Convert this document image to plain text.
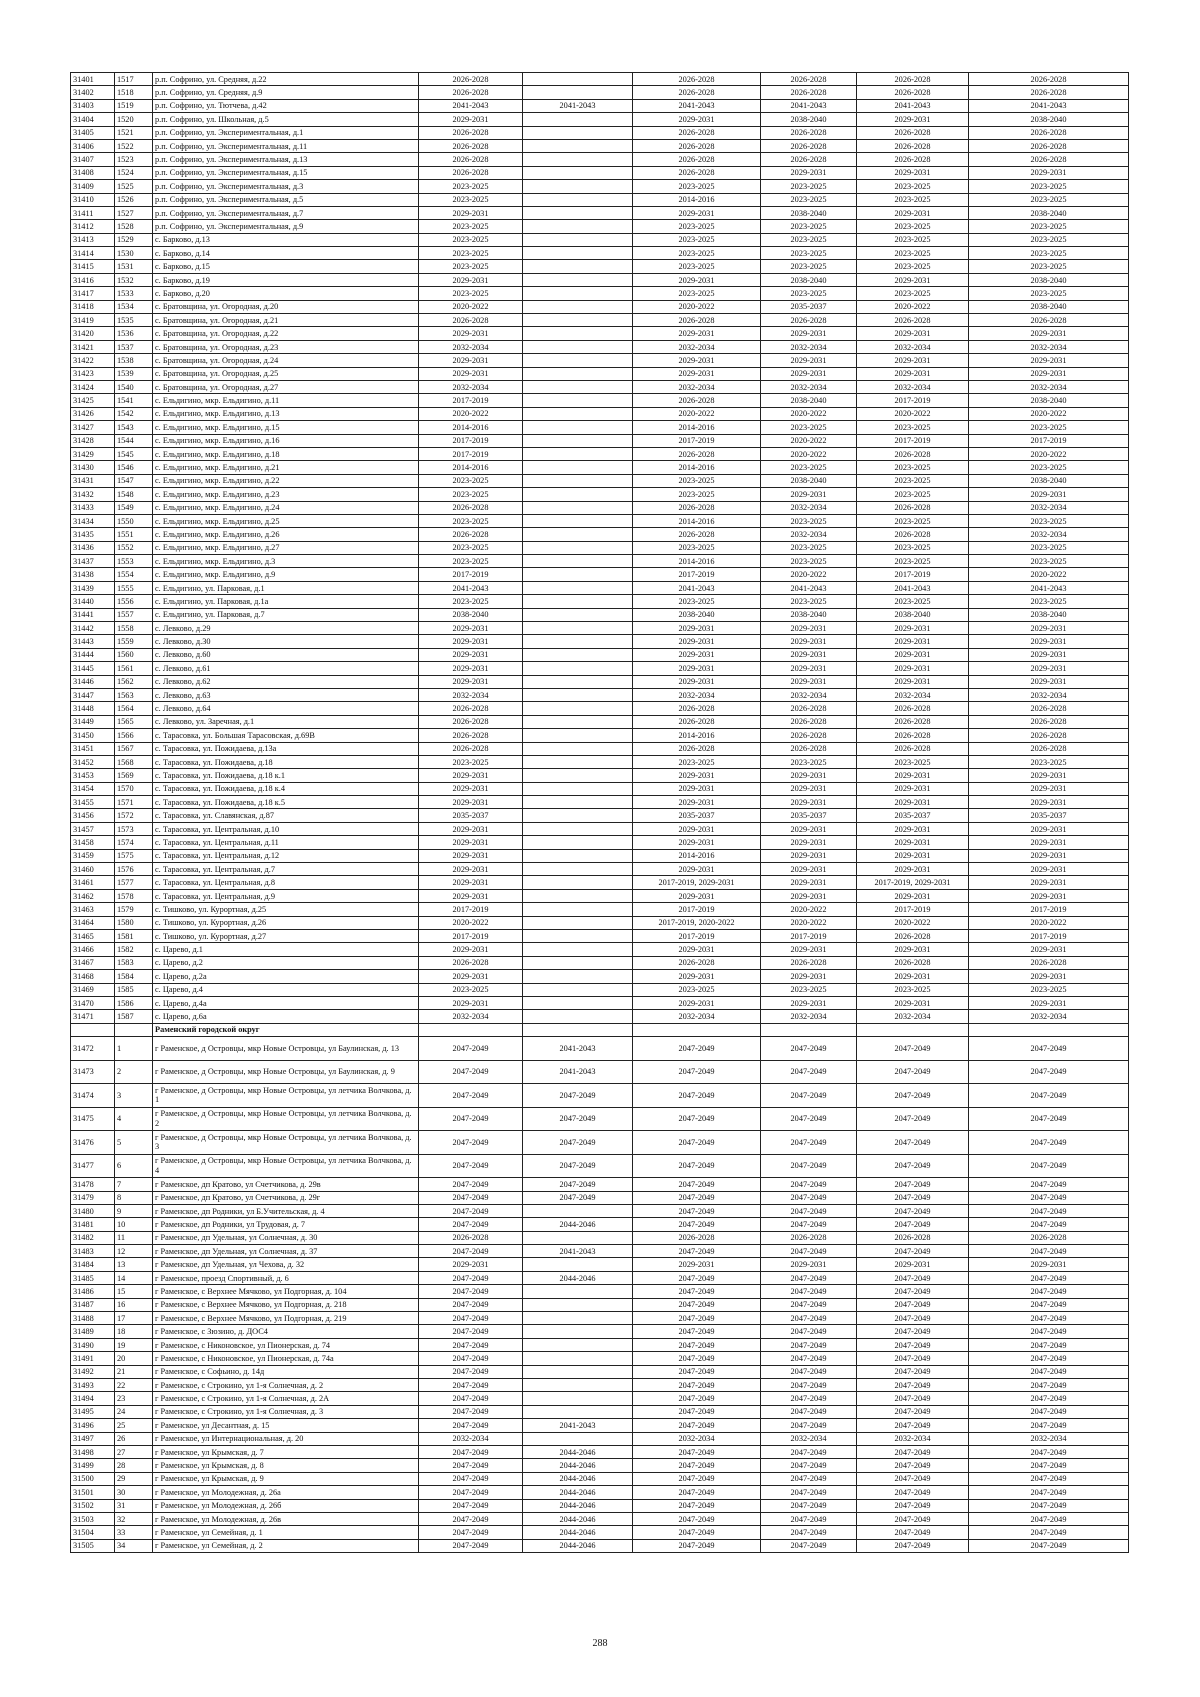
31401	1517	р.п. Софрино, ул. Средняя, д.22	2026-2028		2026-2028	2026-2028	2026-2028	2026-2028
31402	1518	р.п. Софрино, ул. Средняя, д.9	2026-2028		2026-2028	2026-2028	2026-2028	2026-2028
31403	1519	р.п. Софрино, ул. Тютчева, д.42	2041-2043	2041-2043	2041-2043	2041-2043	2041-2043	2041-2043
31404	1520	р.п. Софрино, ул. Школьная, д.5	2029-2031		2029-2031	2038-2040	2029-2031	2038-2040
31405	1521	р.п. Софрино, ул. Экспериментальная, д.1	2026-2028		2026-2028	2026-2028	2026-2028	2026-2028
31406	1522	р.п. Софрино, ул. Экспериментальная, д.11	2026-2028		2026-2028	2026-2028	2026-2028	2026-2028
31407	1523	р.п. Софрино, ул. Экспериментальная, д.13	2026-2028		2026-2028	2026-2028	2026-2028	2026-2028
31408	1524	р.п. Софрино, ул. Экспериментальная, д.15	2026-2028		2026-2028	2029-2031	2029-2031	2029-2031
31409	1525	р.п. Софрино, ул. Экспериментальная, д.3	2023-2025		2023-2025	2023-2025	2023-2025	2023-2025
31410	1526	р.п. Софрино, ул. Экспериментальная, д.5	2023-2025		2014-2016	2023-2025	2023-2025	2023-2025
31411	1527	р.п. Софрино, ул. Экспериментальная, д.7	2029-2031		2029-2031	2038-2040	2029-2031	2038-2040
31412	1528	р.п. Софрино, ул. Экспериментальная, д.9	2023-2025		2023-2025	2023-2025	2023-2025	2023-2025
31413	1529	с. Барково, д.13	2023-2025		2023-2025	2023-2025	2023-2025	2023-2025
31414	1530	с. Барково, д.14	2023-2025		2023-2025	2023-2025	2023-2025	2023-2025
31415	1531	с. Барково, д.15	2023-2025		2023-2025	2023-2025	2023-2025	2023-2025
31416	1532	с. Барково, д.19	2029-2031		2029-2031	2038-2040	2029-2031	2038-2040
31417	1533	с. Барково, д.20	2023-2025		2023-2025	2023-2025	2023-2025	2023-2025
31418	1534	с. Братовщина, ул. Огородная, д.20	2020-2022		2020-2022	2035-2037	2020-2022	2038-2040
31419	1535	с. Братовщина, ул. Огородная, д.21	2026-2028		2026-2028	2026-2028	2026-2028	2026-2028
31420	1536	с. Братовщина, ул. Огородная, д.22	2029-2031		2029-2031	2029-2031	2029-2031	2029-2031
31421	1537	с. Братовщина, ул. Огородная, д.23	2032-2034		2032-2034	2032-2034	2032-2034	2032-2034
31422	1538	с. Братовщина, ул. Огородная, д.24	2029-2031		2029-2031	2029-2031	2029-2031	2029-2031
31423	1539	с. Братовщина, ул. Огородная, д.25	2029-2031		2029-2031	2029-2031	2029-2031	2029-2031
31424	1540	с. Братовщина, ул. Огородная, д.27	2032-2034		2032-2034	2032-2034	2032-2034	2032-2034
31425	1541	с. Ельдигино, мкр. Ельдигино, д.11	2017-2019		2026-2028	2038-2040	2017-2019	2038-2040
31426	1542	с. Ельдигино, мкр. Ельдигино, д.13	2020-2022		2020-2022	2020-2022	2020-2022	2020-2022
31427	1543	с. Ельдигино, мкр. Ельдигино, д.15	2014-2016		2014-2016	2023-2025	2023-2025	2023-2025
31428	1544	с. Ельдигино, мкр. Ельдигино, д.16	2017-2019		2017-2019	2020-2022	2017-2019	2017-2019
31429	1545	с. Ельдигино, мкр. Ельдигино, д.18	2017-2019		2026-2028	2020-2022	2026-2028	2020-2022
31430	1546	с. Ельдигино, мкр. Ельдигино, д.21	2014-2016		2014-2016	2023-2025	2023-2025	2023-2025
31431	1547	с. Ельдигино, мкр. Ельдигино, д.22	2023-2025		2023-2025	2038-2040	2023-2025	2038-2040
31432	1548	с. Ельдигино, мкр. Ельдигино, д.23	2023-2025		2023-2025	2029-2031	2023-2025	2029-2031
31433	1549	с. Ельдигино, мкр. Ельдигино, д.24	2026-2028		2026-2028	2032-2034	2026-2028	2032-2034
31434	1550	с. Ельдигино, мкр. Ельдигино, д.25	2023-2025		2014-2016	2023-2025	2023-2025	2023-2025
31435	1551	с. Ельдигино, мкр. Ельдигино, д.26	2026-2028		2026-2028	2032-2034	2026-2028	2032-2034
31436	1552	с. Ельдигино, мкр. Ельдигино, д.27	2023-2025		2023-2025	2023-2025	2023-2025	2023-2025
31437	1553	с. Ельдигино, мкр. Ельдигино, д.3	2023-2025		2014-2016	2023-2025	2023-2025	2023-2025
31438	1554	с. Ельдигино, мкр. Ельдигино, д.9	2017-2019		2017-2019	2020-2022	2017-2019	2020-2022
31439	1555	с. Ельдигино, ул. Парковая, д.1	2041-2043		2041-2043	2041-2043	2041-2043	2041-2043
31440	1556	с. Ельдигино, ул. Парковая, д.1а	2023-2025		2023-2025	2023-2025	2023-2025	2023-2025
31441	1557	с. Ельдигино, ул. Парковая, д.7	2038-2040		2038-2040	2038-2040	2038-2040	2038-2040
31442	1558	с. Левково, д.29	2029-2031		2029-2031	2029-2031	2029-2031	2029-2031
31443	1559	с. Левково, д.30	2029-2031		2029-2031	2029-2031	2029-2031	2029-2031
31444	1560	с. Левково, д.60	2029-2031		2029-2031	2029-2031	2029-2031	2029-2031
31445	1561	с. Левково, д.61	2029-2031		2029-2031	2029-2031	2029-2031	2029-2031
31446	1562	с. Левково, д.62	2029-2031		2029-2031	2029-2031	2029-2031	2029-2031
31447	1563	с. Левково, д.63	2032-2034		2032-2034	2032-2034	2032-2034	2032-2034
31448	1564	с. Левково, д.64	2026-2028		2026-2028	2026-2028	2026-2028	2026-2028
31449	1565	с. Левково, ул. Заречная, д.1	2026-2028		2026-2028	2026-2028	2026-2028	2026-2028
31450	1566	с. Тарасовка, ул. Большая Тарасовская, д.69В	2026-2028		2014-2016	2026-2028	2026-2028	2026-2028
31451	1567	с. Тарасовка, ул. Пожидаева, д.13а	2026-2028		2026-2028	2026-2028	2026-2028	2026-2028
31452	1568	с. Тарасовка, ул. Пожидаева, д.18	2023-2025		2023-2025	2023-2025	2023-2025	2023-2025
31453	1569	с. Тарасовка, ул. Пожидаева, д.18 к.1	2029-2031		2029-2031	2029-2031	2029-2031	2029-2031
31454	1570	с. Тарасовка, ул. Пожидаева, д.18 к.4	2029-2031		2029-2031	2029-2031	2029-2031	2029-2031
31455	1571	с. Тарасовка, ул. Пожидаева, д.18 к.5	2029-2031		2029-2031	2029-2031	2029-2031	2029-2031
31456	1572	с. Тарасовка, ул. Славянская, д.87	2035-2037		2035-2037	2035-2037	2035-2037	2035-2037
31457	1573	с. Тарасовка, ул. Центральная, д.10	2029-2031		2029-2031	2029-2031	2029-2031	2029-2031
31458	1574	с. Тарасовка, ул. Центральная, д.11	2029-2031		2029-2031	2029-2031	2029-2031	2029-2031
31459	1575	с. Тарасовка, ул. Центральная, д.12	2029-2031		2014-2016	2029-2031	2029-2031	2029-2031
31460	1576	с. Тарасовка, ул. Центральная, д.7	2029-2031		2029-2031	2029-2031	2029-2031	2029-2031
31461	1577	с. Тарасовка, ул. Центральная, д.8	2029-2031		2017-2019, 2029-2031	2029-2031	2017-2019, 2029-2031	2029-2031
31462	1578	с. Тарасовка, ул. Центральная, д.9	2029-2031		2029-2031	2029-2031	2029-2031	2029-2031
31463	1579	с. Тишково, ул. Курортная, д.25	2017-2019		2017-2019	2020-2022	2017-2019	2017-2019
31464	1580	с. Тишково, ул. Курортная, д.26	2020-2022		2017-2019, 2020-2022	2020-2022	2020-2022	2020-2022
31465	1581	с. Тишково, ул. Курортная, д.27	2017-2019		2017-2019	2017-2019	2026-2028	2017-2019
31466	1582	с. Царево, д.1	2029-2031		2029-2031	2029-2031	2029-2031	2029-2031
31467	1583	с. Царево, д.2	2026-2028		2026-2028	2026-2028	2026-2028	2026-2028
31468	1584	с. Царево, д.2а	2029-2031		2029-2031	2029-2031	2029-2031	2029-2031
31469	1585	с. Царево, д.4	2023-2025		2023-2025	2023-2025	2023-2025	2023-2025
31470	1586	с. Царево, д.4а	2029-2031		2029-2031	2029-2031	2029-2031	2029-2031
31471	1587	с. Царево, д.6а	2032-2034		2032-2034	2032-2034	2032-2034	2032-2034
		Раменский городской округ						
31472	1	г Раменское, д Островцы, мкр Новые Островцы, ул Баулинская, д. 13	2047-2049	2041-2043	2047-2049	2047-2049	2047-2049	2047-2049
31473	2	г Раменское, д Островцы, мкр Новые Островцы, ул Баулинская, д. 9	2047-2049	2041-2043	2047-2049	2047-2049	2047-2049	2047-2049
31474	3	г Раменское, д Островцы, мкр Новые Островцы, ул летчика Волчкова, д. 1	2047-2049	2047-2049	2047-2049	2047-2049	2047-2049	2047-2049
31475	4	г Раменское, д Островцы, мкр Новые Островцы, ул летчика Волчкова, д. 2	2047-2049	2047-2049	2047-2049	2047-2049	2047-2049	2047-2049
31476	5	г Раменское, д Островцы, мкр Новые Островцы, ул летчика Волчкова, д. 3	2047-2049	2047-2049	2047-2049	2047-2049	2047-2049	2047-2049
31477	6	г Раменское, д Островцы, мкр Новые Островцы, ул летчика Волчкова, д. 4	2047-2049	2047-2049	2047-2049	2047-2049	2047-2049	2047-2049
31478	7	г Раменское, дп Кратово, ул Счетчикова, д. 29в	2047-2049	2047-2049	2047-2049	2047-2049	2047-2049	2047-2049
31479	8	г Раменское, дп Кратово, ул Счетчикова, д. 29г	2047-2049	2047-2049	2047-2049	2047-2049	2047-2049	2047-2049
31480	9	г Раменское, дп Родники, ул Б.Учительская, д. 4	2047-2049		2047-2049	2047-2049	2047-2049	2047-2049
31481	10	г Раменское, дп Родники, ул Трудовая, д. 7	2047-2049	2044-2046	2047-2049	2047-2049	2047-2049	2047-2049
31482	11	г Раменское, дп Удельная, ул Солнечная, д. 30	2026-2028		2026-2028	2026-2028	2026-2028	2026-2028
31483	12	г Раменское, дп Удельная, ул Солнечная, д. 37	2047-2049	2041-2043	2047-2049	2047-2049	2047-2049	2047-2049
31484	13	г Раменское, дп Удельная, ул Чехова, д. 32	2029-2031		2029-2031	2029-2031	2029-2031	2029-2031
31485	14	г Раменское, проезд Спортивный, д. 6	2047-2049	2044-2046	2047-2049	2047-2049	2047-2049	2047-2049
31486	15	г Раменское, с Верхнее Мячково, ул Подгорная, д. 104	2047-2049		2047-2049	2047-2049	2047-2049	2047-2049
31487	16	г Раменское, с Верхнее Мячково, ул Подгорная, д. 218	2047-2049		2047-2049	2047-2049	2047-2049	2047-2049
31488	17	г Раменское, с Верхнее Мячково, ул Подгорная, д. 219	2047-2049		2047-2049	2047-2049	2047-2049	2047-2049
31489	18	г Раменское, с Зюзино, д. ДОС4	2047-2049		2047-2049	2047-2049	2047-2049	2047-2049
31490	19	г Раменское, с Никоновское, ул Пионерская, д. 74	2047-2049		2047-2049	2047-2049	2047-2049	2047-2049
31491	20	г Раменское, с Никоновское, ул Пионерская, д. 74а	2047-2049		2047-2049	2047-2049	2047-2049	2047-2049
31492	21	г Раменское, с Софьино, д. 14д	2047-2049		2047-2049	2047-2049	2047-2049	2047-2049
31493	22	г Раменское, с Строкино, ул 1-я Солнечная, д. 2	2047-2049		2047-2049	2047-2049	2047-2049	2047-2049
31494	23	г Раменское, с Строкино, ул 1-я Солнечная, д. 2А	2047-2049		2047-2049	2047-2049	2047-2049	2047-2049
31495	24	г Раменское, с Строкино, ул 1-я Солнечная, д. 3	2047-2049		2047-2049	2047-2049	2047-2049	2047-2049
31496	25	г Раменское, ул Десантная, д. 15	2047-2049	2041-2043	2047-2049	2047-2049	2047-2049	2047-2049
31497	26	г Раменское, ул Интернациональная, д. 20	2032-2034		2032-2034	2032-2034	2032-2034	2032-2034
31498	27	г Раменское, ул Крымская, д. 7	2047-2049	2044-2046	2047-2049	2047-2049	2047-2049	2047-2049
31499	28	г Раменское, ул Крымская, д. 8	2047-2049	2044-2046	2047-2049	2047-2049	2047-2049	2047-2049
31500	29	г Раменское, ул Крымская, д. 9	2047-2049	2044-2046	2047-2049	2047-2049	2047-2049	2047-2049
31501	30	г Раменское, ул Молодежная, д. 26а	2047-2049	2044-2046	2047-2049	2047-2049	2047-2049	2047-2049
31502	31	г Раменское, ул Молодежная, д. 26б	2047-2049	2044-2046	2047-2049	2047-2049	2047-2049	2047-2049
31503	32	г Раменское, ул Молодежная, д. 26в	2047-2049	2044-2046	2047-2049	2047-2049	2047-2049	2047-2049
31504	33	г Раменское, ул Семейная, д. 1	2047-2049	2044-2046	2047-2049	2047-2049	2047-2049	2047-2049
31505	34	г Раменское, ул Семейная, д. 2	2047-2049	2044-2046	2047-2049	2047-2049	2047-2049	2047-2049
288
